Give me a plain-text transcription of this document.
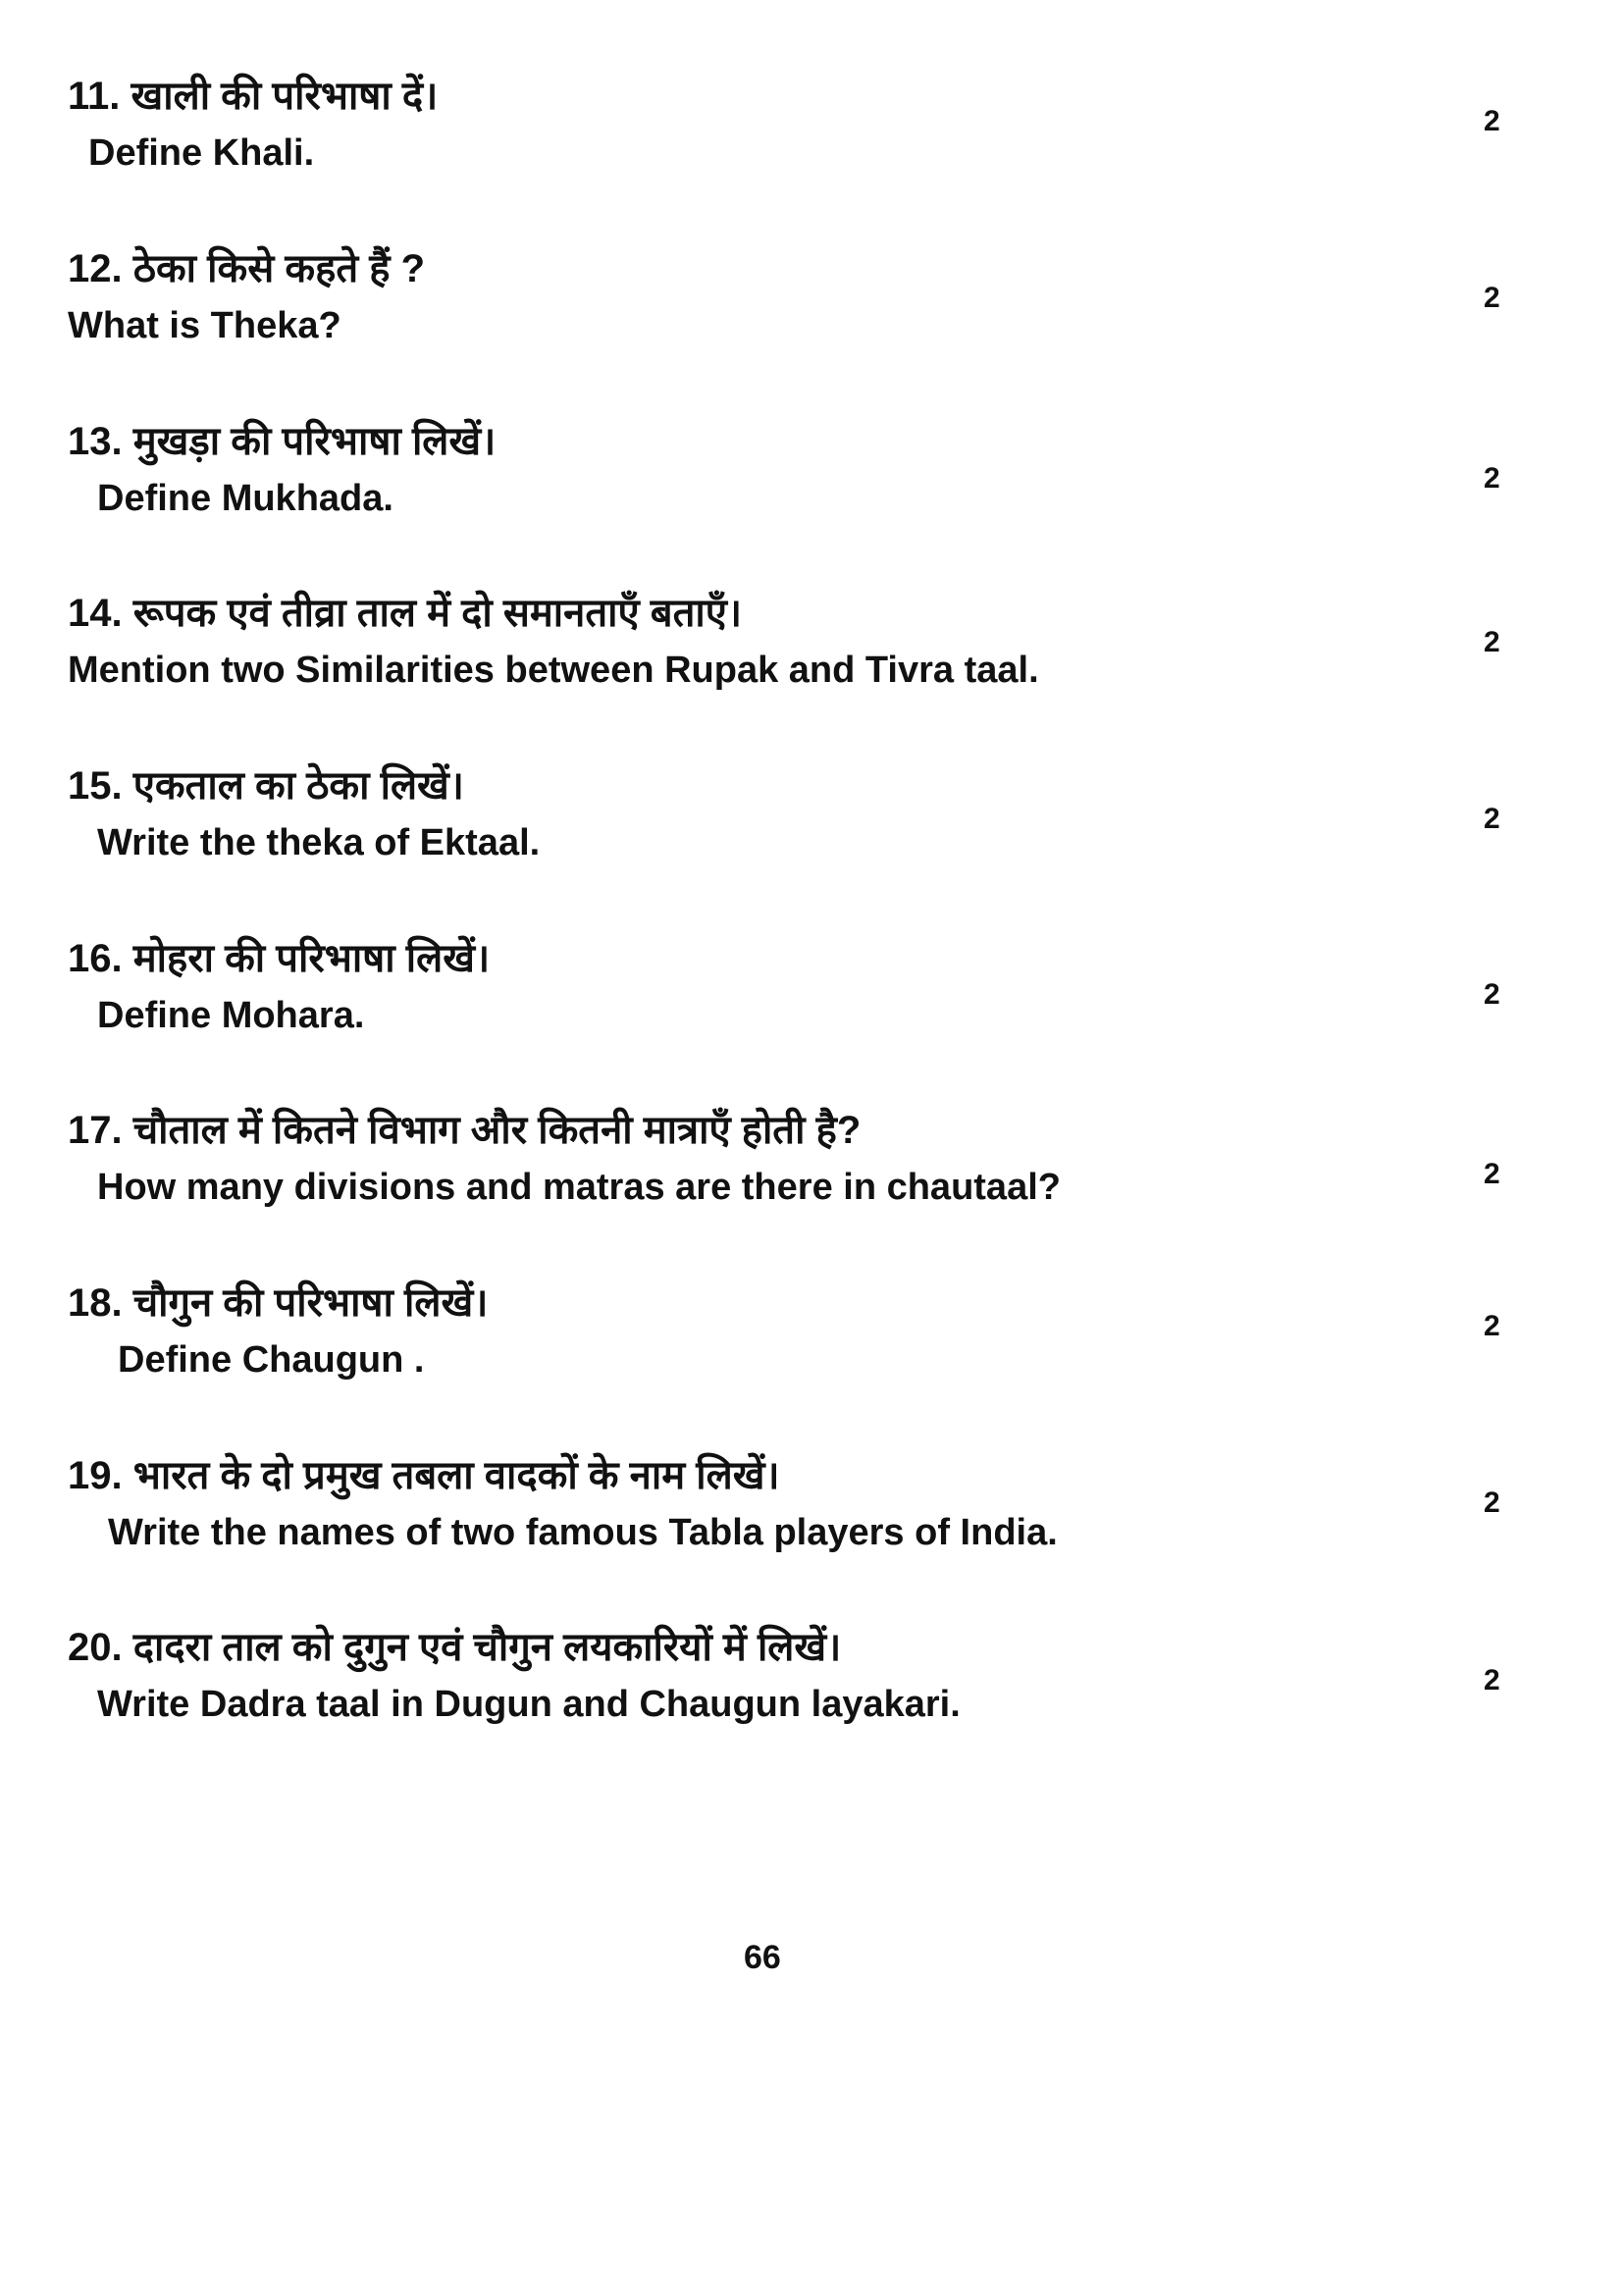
11. खाली की परिभाषा दें।
Define Khali.
2
12. ठेका किसे कहते हैं ?
What is Theka?
2
13. मुखड़ा की परिभाषा लिखें।
Define Mukhada.	2
14. रूपक एवं तीव्रा ताल में दो समानताएँ बताएँ।
Mention two Similarities between Rupak and Tivra taal.
2
15. एकताल का ठेका लिखें।
Write the theka of Ektaal.
2
16. मोहरा की परिभाषा लिखें।
Define Mohara.
2
17. चौताल में कितने विभाग और कितनी मात्राएँ होती है?
How many divisions and matras are there in chautaal?	2
18. चौगुन की परिभाषा लिखें।
Define Chaugun .
2
19. भारत के दो प्रमुख तबला वादकों के नाम लिखें।
Write the names of two famous Tabla players of India.
2
20. दादरा ताल को दुगुन एवं चौगुन लयकारियों में लिखें।
Write Dadra taal in Dugun and Chaugun layakari.
2
66
